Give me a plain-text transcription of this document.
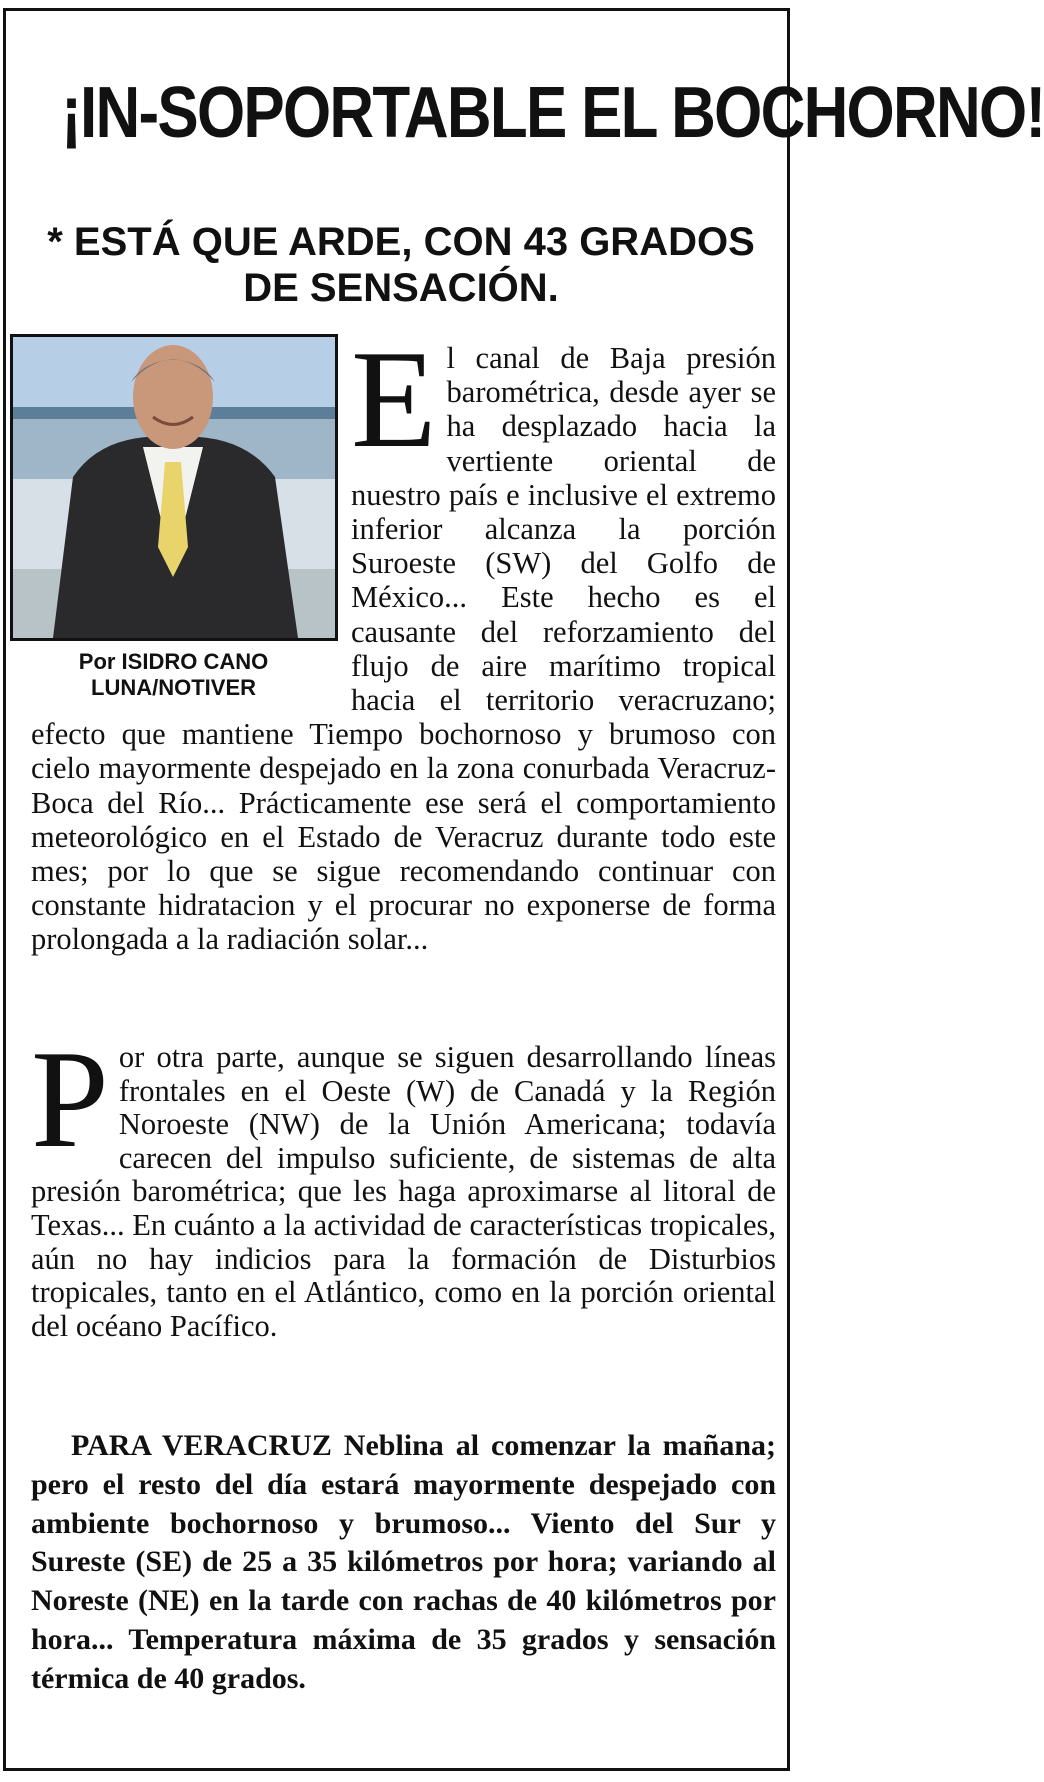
¡IN-SOPORTABLE EL BOCHORNO!
* ESTÁ QUE ARDE, CON 43 GRADOS DE SENSACIÓN.
Por ISIDRO CANO LUNA/NOTIVER
E l canal de Baja presión barométrica, desde ayer se ha desplazado hacia la vertiente oriental de nuestro país e inclusive el extremo inferior alcanza la porción Suroeste (SW) del Golfo de México... Este hecho es el causante del reforzamiento del flujo de aire marítimo tropical hacia el territorio veracruzano; efecto que mantiene Tiempo bochornoso y brumoso con cielo mayormente despejado en la zona conurbada Veracruz-Boca del Río... Prácticamente ese será el comportamiento meteorológico en el Estado de Veracruz durante todo este mes; por lo que se sigue recomendando continuar con constante hidratacion y el procurar no exponerse de forma prolongada a la radiación solar...

P or otra parte, aunque se siguen desarrollando líneas frontales en el Oeste (W) de Canadá y la Región Noroeste (NW) de la Unión Americana; todavía carecen del impulso suficiente, de sistemas de alta presión barométrica; que les haga aproximarse al litoral de Texas... En cuánto a la actividad de características tropicales, aún no hay indicios para la formación de Disturbios tropicales, tanto en el Atlántico, como en la porción oriental del océano Pacífico.

PARA VERACRUZ Neblina al comenzar la mañana; pero el resto del día estará mayormente despejado con ambiente bochornoso y brumoso... Viento del Sur y Sureste (SE) de 25 a 35 kilómetros por hora; variando al Noreste (NE) en la tarde con rachas de 40 kilómetros por hora... Temperatura máxima de 35 grados y sensación térmica de 40 grados.
